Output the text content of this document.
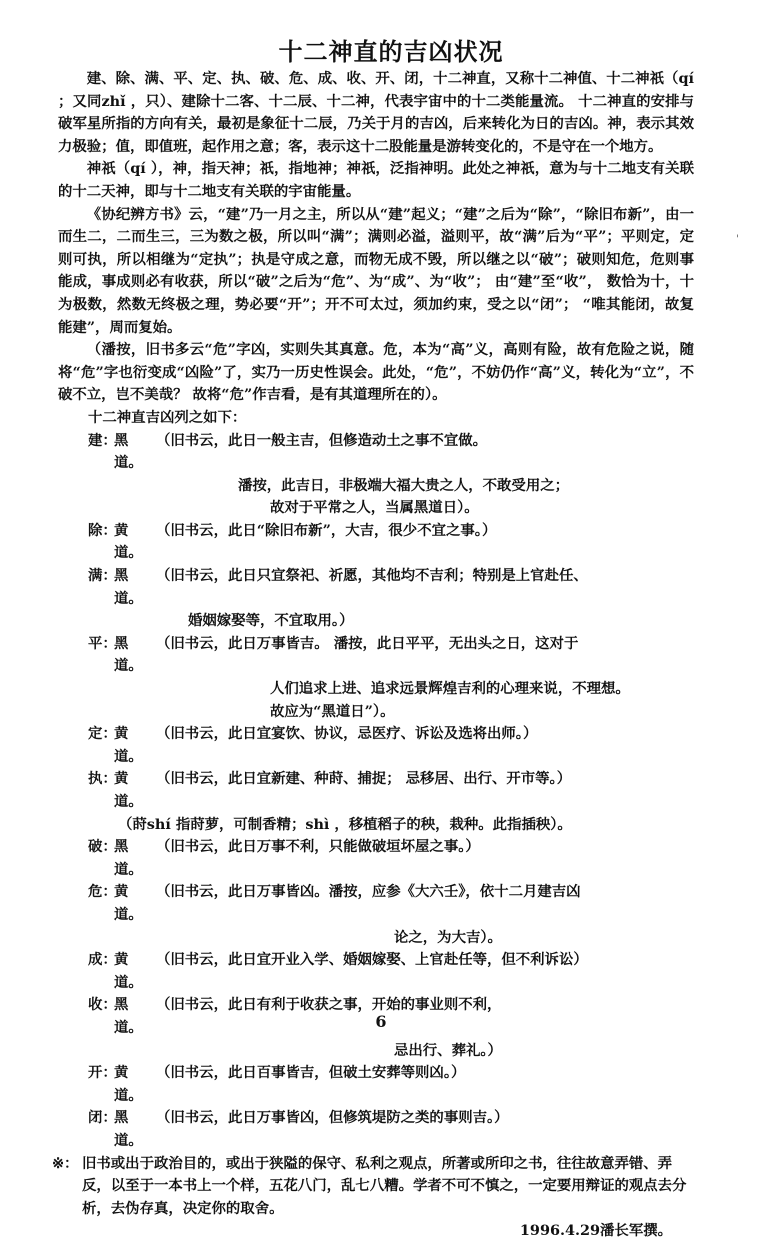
十二神直的吉凶状况

建、除、满、平、定、执、破、危、成、收、开、闭，十二神直，又称十二神值、十二神祇（qí ；又同zhǐ ，只）、建除十二客、十二辰、十二神，代表宇宙中的十二类能量流。 十二神直的安排与破军星所指的方向有关，最初是象征十二辰，乃关于月的吉凶，后来转化为日的吉凶。神，表示其效力极验；值，即值班，起作用之意；客，表示这十二股能量是游转变化的，不是守在一个地方。

神祇（qí ），神，指天神；祇，指地神；神祇，泛指神明。此处之神祇，意为与十二地支有关联的十二天神，即与十二地支有关联的宇宙能量。

《协纪辨方书》云，“建”乃一月之主，所以从“建”起义；“建”之后为“除”，“除旧布新”，由一而生二，二而生三，三为数之极，所以叫“满”；满则必溢，溢则平，故“满”后为“平”；平则定，定则可执，所以相继为“定执”；执是守成之意，而物无成不毁，所以继之以“破”；破则知危，危则事能成，事成则必有收获，所以“破”之后为“危”、为“成”、为“收”； 由“建”至“收”， 数恰为十，十为极数，然数无终极之理，势必要“开”；开不可太过，须加约束，受之以“闭”； “唯其能闭，故复能建”，周而复始。

（潘按，旧书多云“危”字凶，实则失其真意。危，本为“高”义，高则有险，故有危险之说，随将“危”字也衍变成“凶险”了，实乃一历史性误会。此处，“危”，不妨仍作“高”义，转化为“立”，不破不立，岂不美哉？ 故将“危”作吉看，是有其道理所在的）。

十二神直吉凶列之如下：
建：
黑道。
（旧书云，此日一般主吉，但修造动土之事不宜做。
潘按，此吉日，非极端大福大贵之人，不敢受用之；
故对于平常之人，当属黑道日）。
除：
黄道。
（旧书云，此日“除旧布新”，大吉，很少不宜之事。）
满：
黑道。
（旧书云，此日只宜祭祀、祈愿，其他均不吉利；特别是上官赴任、
婚姻嫁娶等，不宜取用。）
平：
黑道。
（旧书云，此日万事皆吉。 潘按，此日平平，无出头之日，这对于
人们追求上进、追求远景辉煌吉利的心理来说，不理想。
故应为“黑道日”）。
定：
黄道。
（旧书云，此日宜宴饮、协议，忌医疗、诉讼及选将出师。）
执：
黄道。
（旧书云，此日宜新建、种莳、捕捉； 忌移居、出行、开市等。）
（莳shí 指莳萝，可制香精；shì ，移植稻子的秧，栽种。此指插秧）。
破：
黑道。
（旧书云，此日万事不利，只能做破垣坏屋之事。）
危：
黄道。
（旧书云，此日万事皆凶。潘按，应参《大六壬》，依十二月建吉凶
论之，为大吉）。
成：
黄道。
（旧书云，此日宜开业入学、婚姻嫁娶、上官赴任等，但不利诉讼）
收：
黑道。
（旧书云，此日有利于收获之事，开始的事业则不利，
忌出行、葬礼。）
开：
黄道。
（旧书云，此日百事皆吉，但破土安葬等则凶。）
闭：
黑道。
（旧书云，此日万事皆凶，但修筑堤防之类的事则吉。）
※： 旧书或出于政治目的，或出于狭隘的保守、私利之观点，所著或所印之书，往往故意弄错、弄反，以至于一本书上一个样，五花八门，乱七八糟。学者不可不慎之，一定要用辩证的观点去分析，去伪存真，决定你的取舍。
1996.4.29潘长军撰。
'
6
